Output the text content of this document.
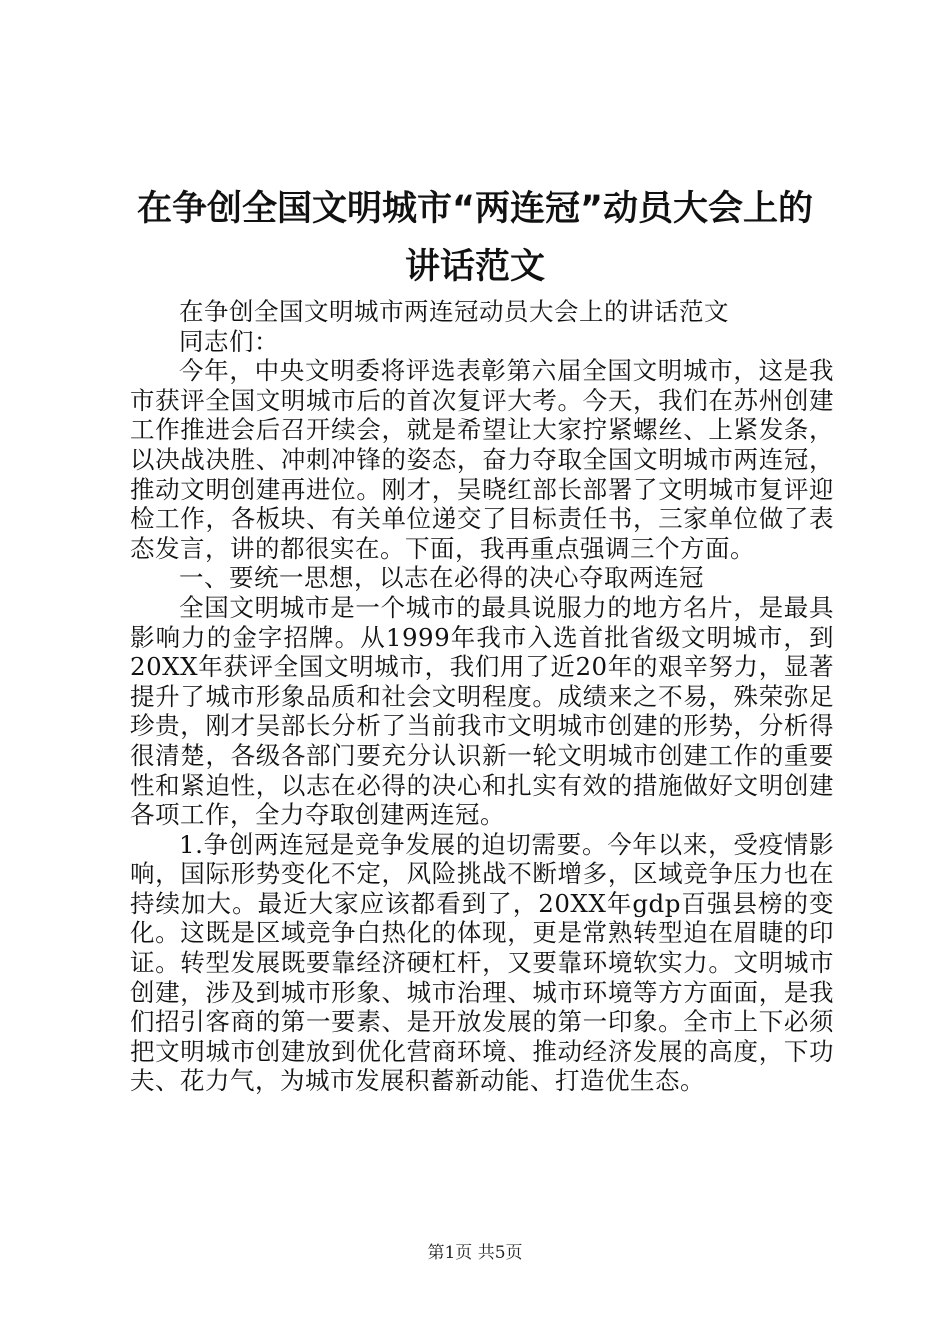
在争创全国文明城市“两连冠”动员大会上的
讲话范文

在争创全国文明城市两连冠动员大会上的讲话范文

同志们：

今年，中央文明委将评选表彰第六届全国文明城市，这是我市获评全国文明城市后的首次复评大考。今天，我们在苏州创建工作推进会后召开续会，就是希望让大家拧紧螺丝、上紧发条，以决战决胜、冲刺冲锋的姿态，奋力夺取全国文明城市两连冠，推动文明创建再进位。刚才，吴晓红部长部署了文明城市复评迎检工作，各板块、有关单位递交了目标责任书，三家单位做了表态发言，讲的都很实在。下面，我再重点强调三个方面。

一、要统一思想，以志在必得的决心夺取两连冠

全国文明城市是一个城市的最具说服力的地方名片，是最具影响力的金字招牌。从1999年我市入选首批省级文明城市，到20XX年获评全国文明城市，我们用了近20年的艰辛努力，显著提升了城市形象品质和社会文明程度。成绩来之不易，殊荣弥足珍贵，刚才吴部长分析了当前我市文明城市创建的形势，分析得很清楚，各级各部门要充分认识新一轮文明城市创建工作的重要性和紧迫性，以志在必得的决心和扎实有效的措施做好文明创建各项工作，全力夺取创建两连冠。

1.争创两连冠是竞争发展的迫切需要。今年以来，受疫情影响，国际形势变化不定，风险挑战不断增多，区域竞争压力也在持续加大。最近大家应该都看到了，20XX年gdp百强县榜的变化。这既是区域竞争白热化的体现，更是常熟转型迫在眉睫的印证。转型发展既要靠经济硬杠杆，又要靠环境软实力。文明城市创建，涉及到城市形象、城市治理、城市环境等方方面面，是我们招引客商的第一要素、是开放发展的第一印象。全市上下必须把文明城市创建放到优化营商环境、推动经济发展的高度，下功夫、花力气，为城市发展积蓄新动能、打造优生态。

第1页 共5页
